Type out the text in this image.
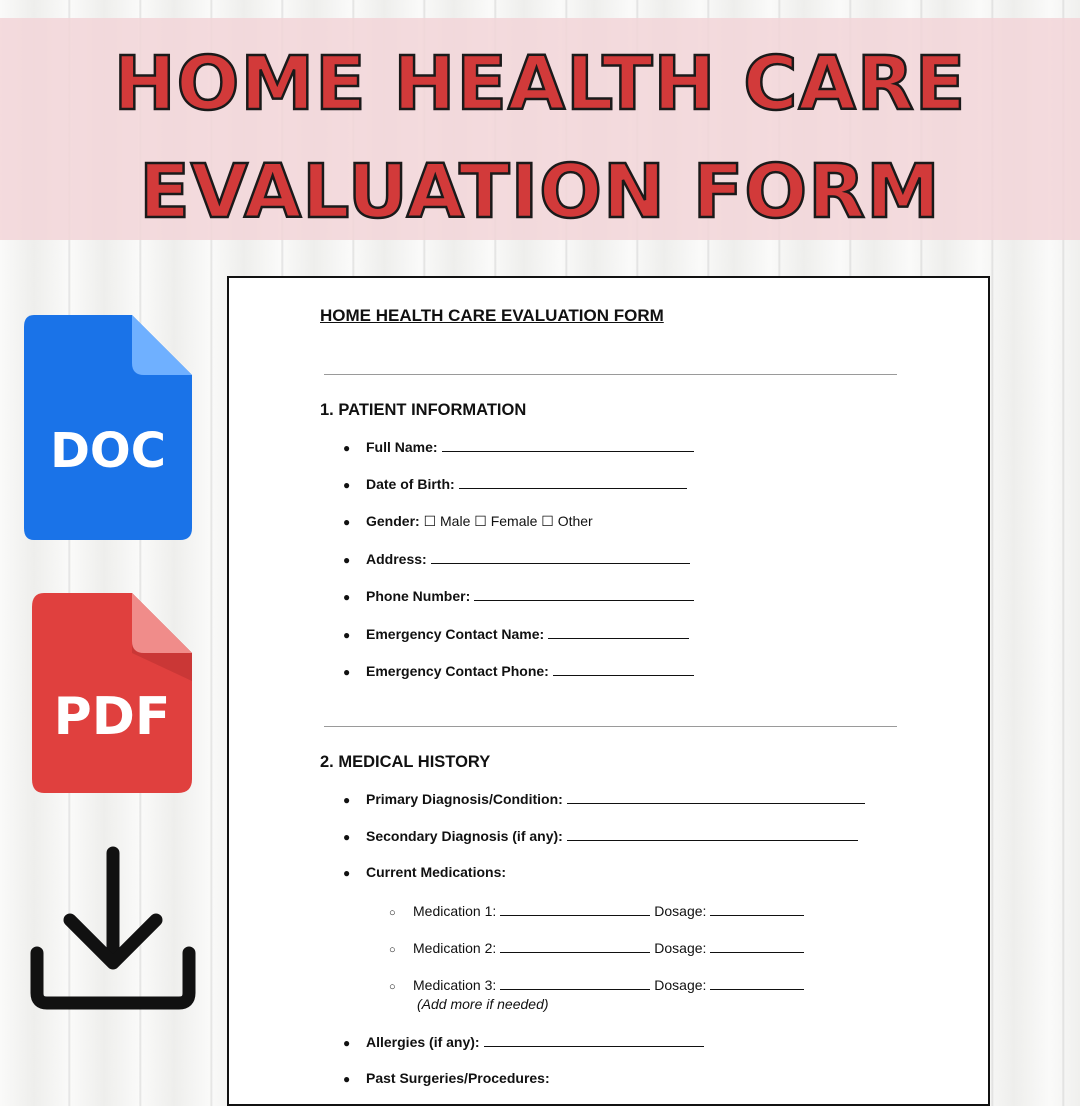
HOME HEALTH CARE
EVALUATION FORM
DOC
PDF
HOME HEALTH CARE EVALUATION FORM
1. PATIENT INFORMATION
● Full Name:
● Date of Birth:
● Gender: ☐ Male ☐ Female ☐ Other
● Address:
● Phone Number:
● Emergency Contact Name:
● Emergency Contact Phone:
2. MEDICAL HISTORY
● Primary Diagnosis/Condition:
● Secondary Diagnosis (if any):
● Current Medications:
○ Medication 1:	Dosage:
○ Medication 2:	Dosage:
○ Medication 3:	Dosage:
(Add more if needed)
● Allergies (if any):
● Past Surgeries/Procedures:
